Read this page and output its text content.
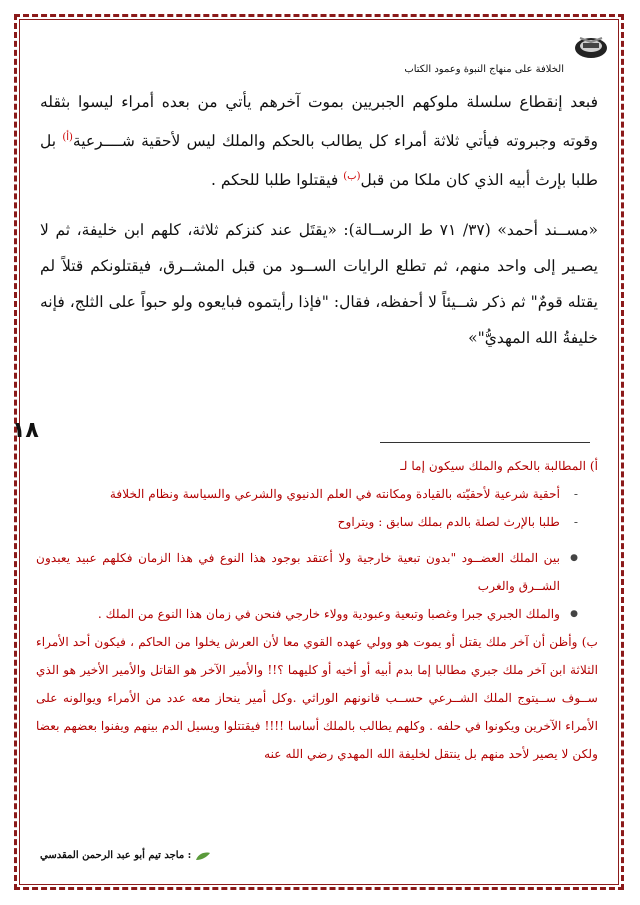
الخلافة على منهاج النبوة وعمود الكتاب

فبعد إنقطاع سلسلة ملوكهم الجبريين بموت آخرهم يأتي من بعده أمراء ليسوا بثقله وقوته وجبروته فيأتي ثلاثة أمراء كل يطالب بالحكم والملك ليس لأحقية شــــرعية$^{(أ)}$ بل طلبا بإرث أبيه الذي كان ملكا من قبل$^{(ب)}$ فيقتلوا طلبا للحكم .

«مســند أحمد» (٣٧/ ٧١ ط الرســالة): «يقتَل عند كنزكم ثلاثة، كلهم ابن خليفة، ثم لا يصـير إلى واحد منهم، ثم تطلع الرايات الســود من قبل المشــرق، فيقتلونكم قتلاً لم يقتله قومٌ" ثم ذكر شــيئاً لا أحفظه، فقال: "فإذا رأيتموه فبايعوه ولو حبواً على الثلج، فإنه خليفةُ الله المهديُّ"»

١٨

أ) المطالبة بالحكم والملك سيكون إما لـ

- أحقية شرعية لأحقيّته بالقيادة ومكانته في العلم الدنيوي والشرعي والسياسة ونظام الخلافة
- طلبا بالإرث لصلة بالدم بملك سابق : ويتراوح
● بين الملك العضــود "بدون تبعية خارجية ولا أعتقد بوجود هذا النوع في هذا الزمان فكلهم عبيد يعبدون الشــرق والغرب
● والملك الجبري جبرا وغصبا وتبعية وعبودية وولاء خارجي فنحن في زمان هذا النوع من الملك .

ب) وأظن أن آخر ملك يقتل أو يموت هو وولي عهده القوي معا لأن العرش يخلوا من الحاكم ، فيكون أحد الأمراء الثلاثة ابن آخر ملك جبري مطالبا إما بدم أبيه أو أخيه أو كليهما ؟!! والأمير الآخر هو القاتل والأمير الأخير هو الذي ســوف ســيتوج الملك الشــرعي حســب قانونهم الوراثي .وكل أمير ينحاز معه عدد من الأمراء ويوالونه على الأمراء الآخرين ويكونوا في حلفه . وكلهم يطالب بالملك أساسا !!!! فيقتتلوا ويسيل الدم بينهم ويفنوا بعضهم بعضا ولكن لا يصير لأحد منهم بل ينتقل لخليفة الله المهدي رضي الله عنه

: ماجد تيم أبو عبد الرحمن المقدسي
